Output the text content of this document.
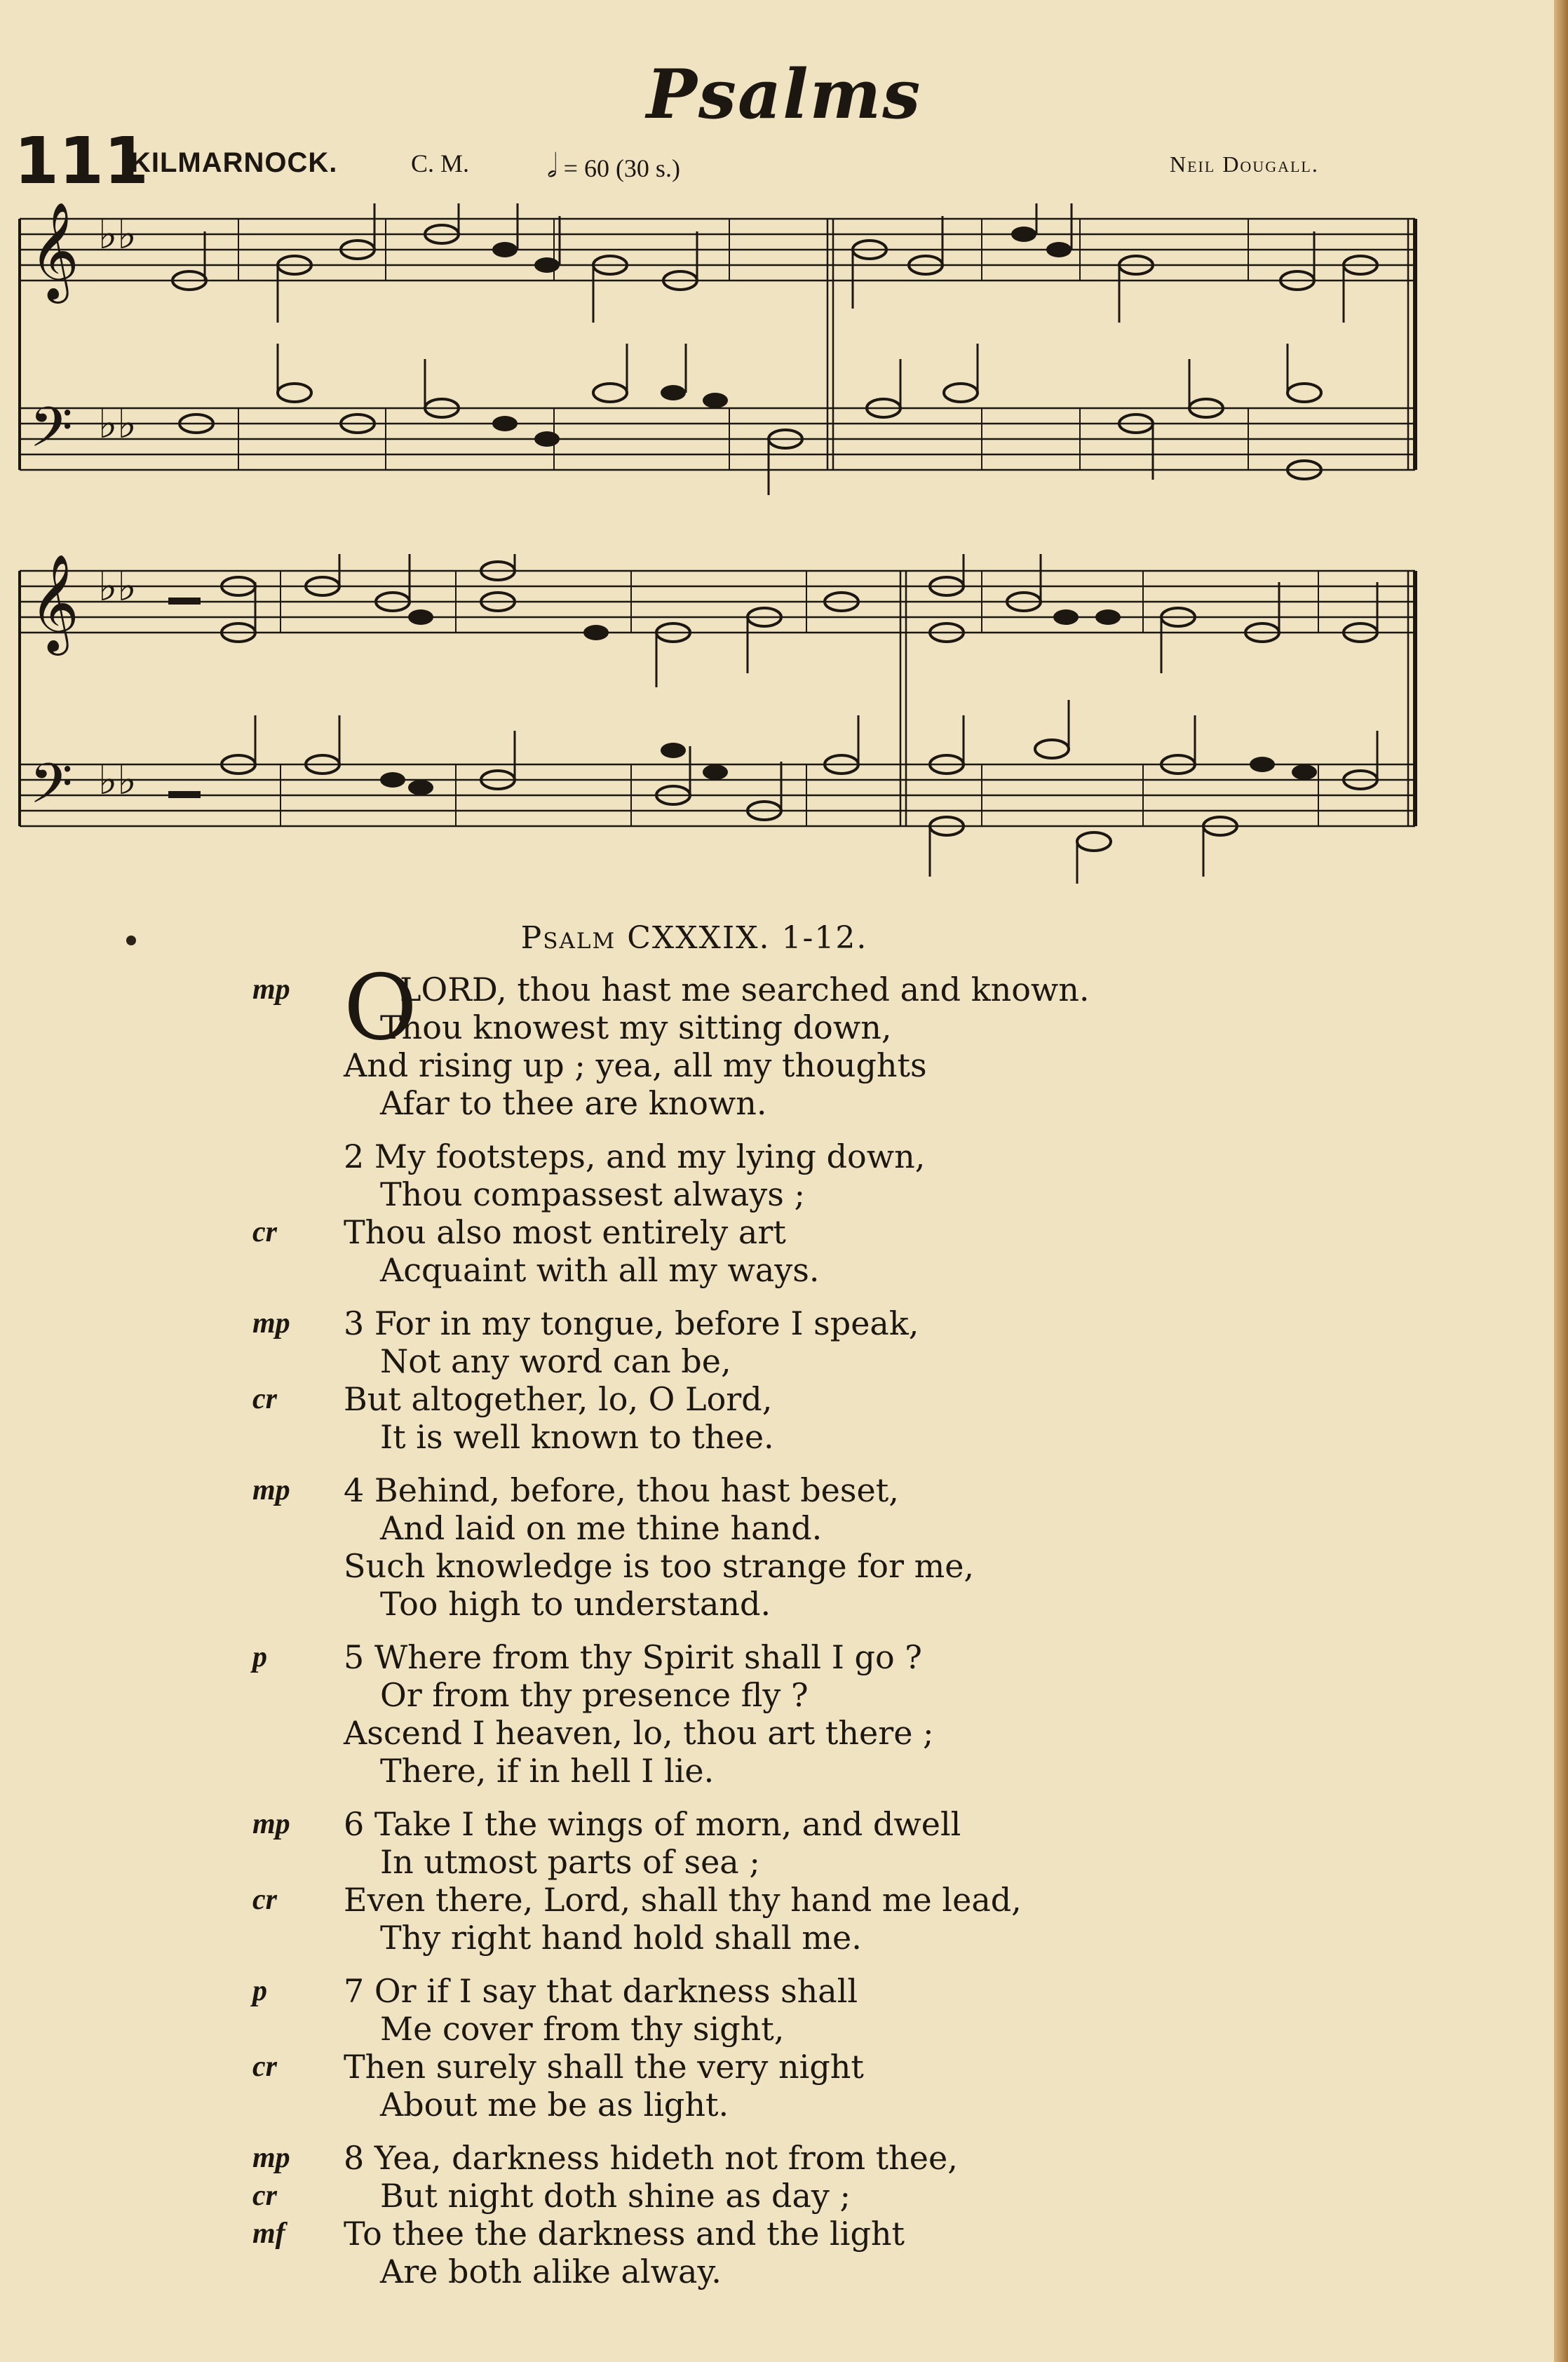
Psalms
111
KILMARNOCK.	C. M. 𝅗𝅥 = 60 (30 s.)	Neil Dougall.
𝄞
𝄢
♭♭
♭♭
𝄞
𝄢
♭♭
♭♭
Psalm CXXXIX. 1-12.
mp O
LORD, thou hast me searched and known.
Thou knowest my sitting down,
And rising up ; yea, all my thoughts
Afar to thee are known.
2 My footsteps, and my lying down,
Thou compassest always ;
cr	Thou also most entirely art
Acquaint with all my ways.
mp	3 For in my tongue, before I speak,
Not any word can be,
cr	But altogether, lo, O Lord,
It is well known to thee.
mp	4 Behind, before, thou hast beset,
And laid on me thine hand.
Such knowledge is too strange for me,
Too high to understand.
p	5 Where from thy Spirit shall I go ?
Or from thy presence fly ?
Ascend I heaven, lo, thou art there ;
There, if in hell I lie.
mp	6 Take I the wings of morn, and dwell
In utmost parts of sea ;
cr	Even there, Lord, shall thy hand me lead,
Thy right hand hold shall me.
p	7 Or if I say that darkness shall
Me cover from thy sight,
cr	Then surely shall the very night
About me be as light.
mp	8 Yea, darkness hideth not from thee,
cr	But night doth shine as day ;
mf	To thee the darkness and the light
Are both alike alway.
